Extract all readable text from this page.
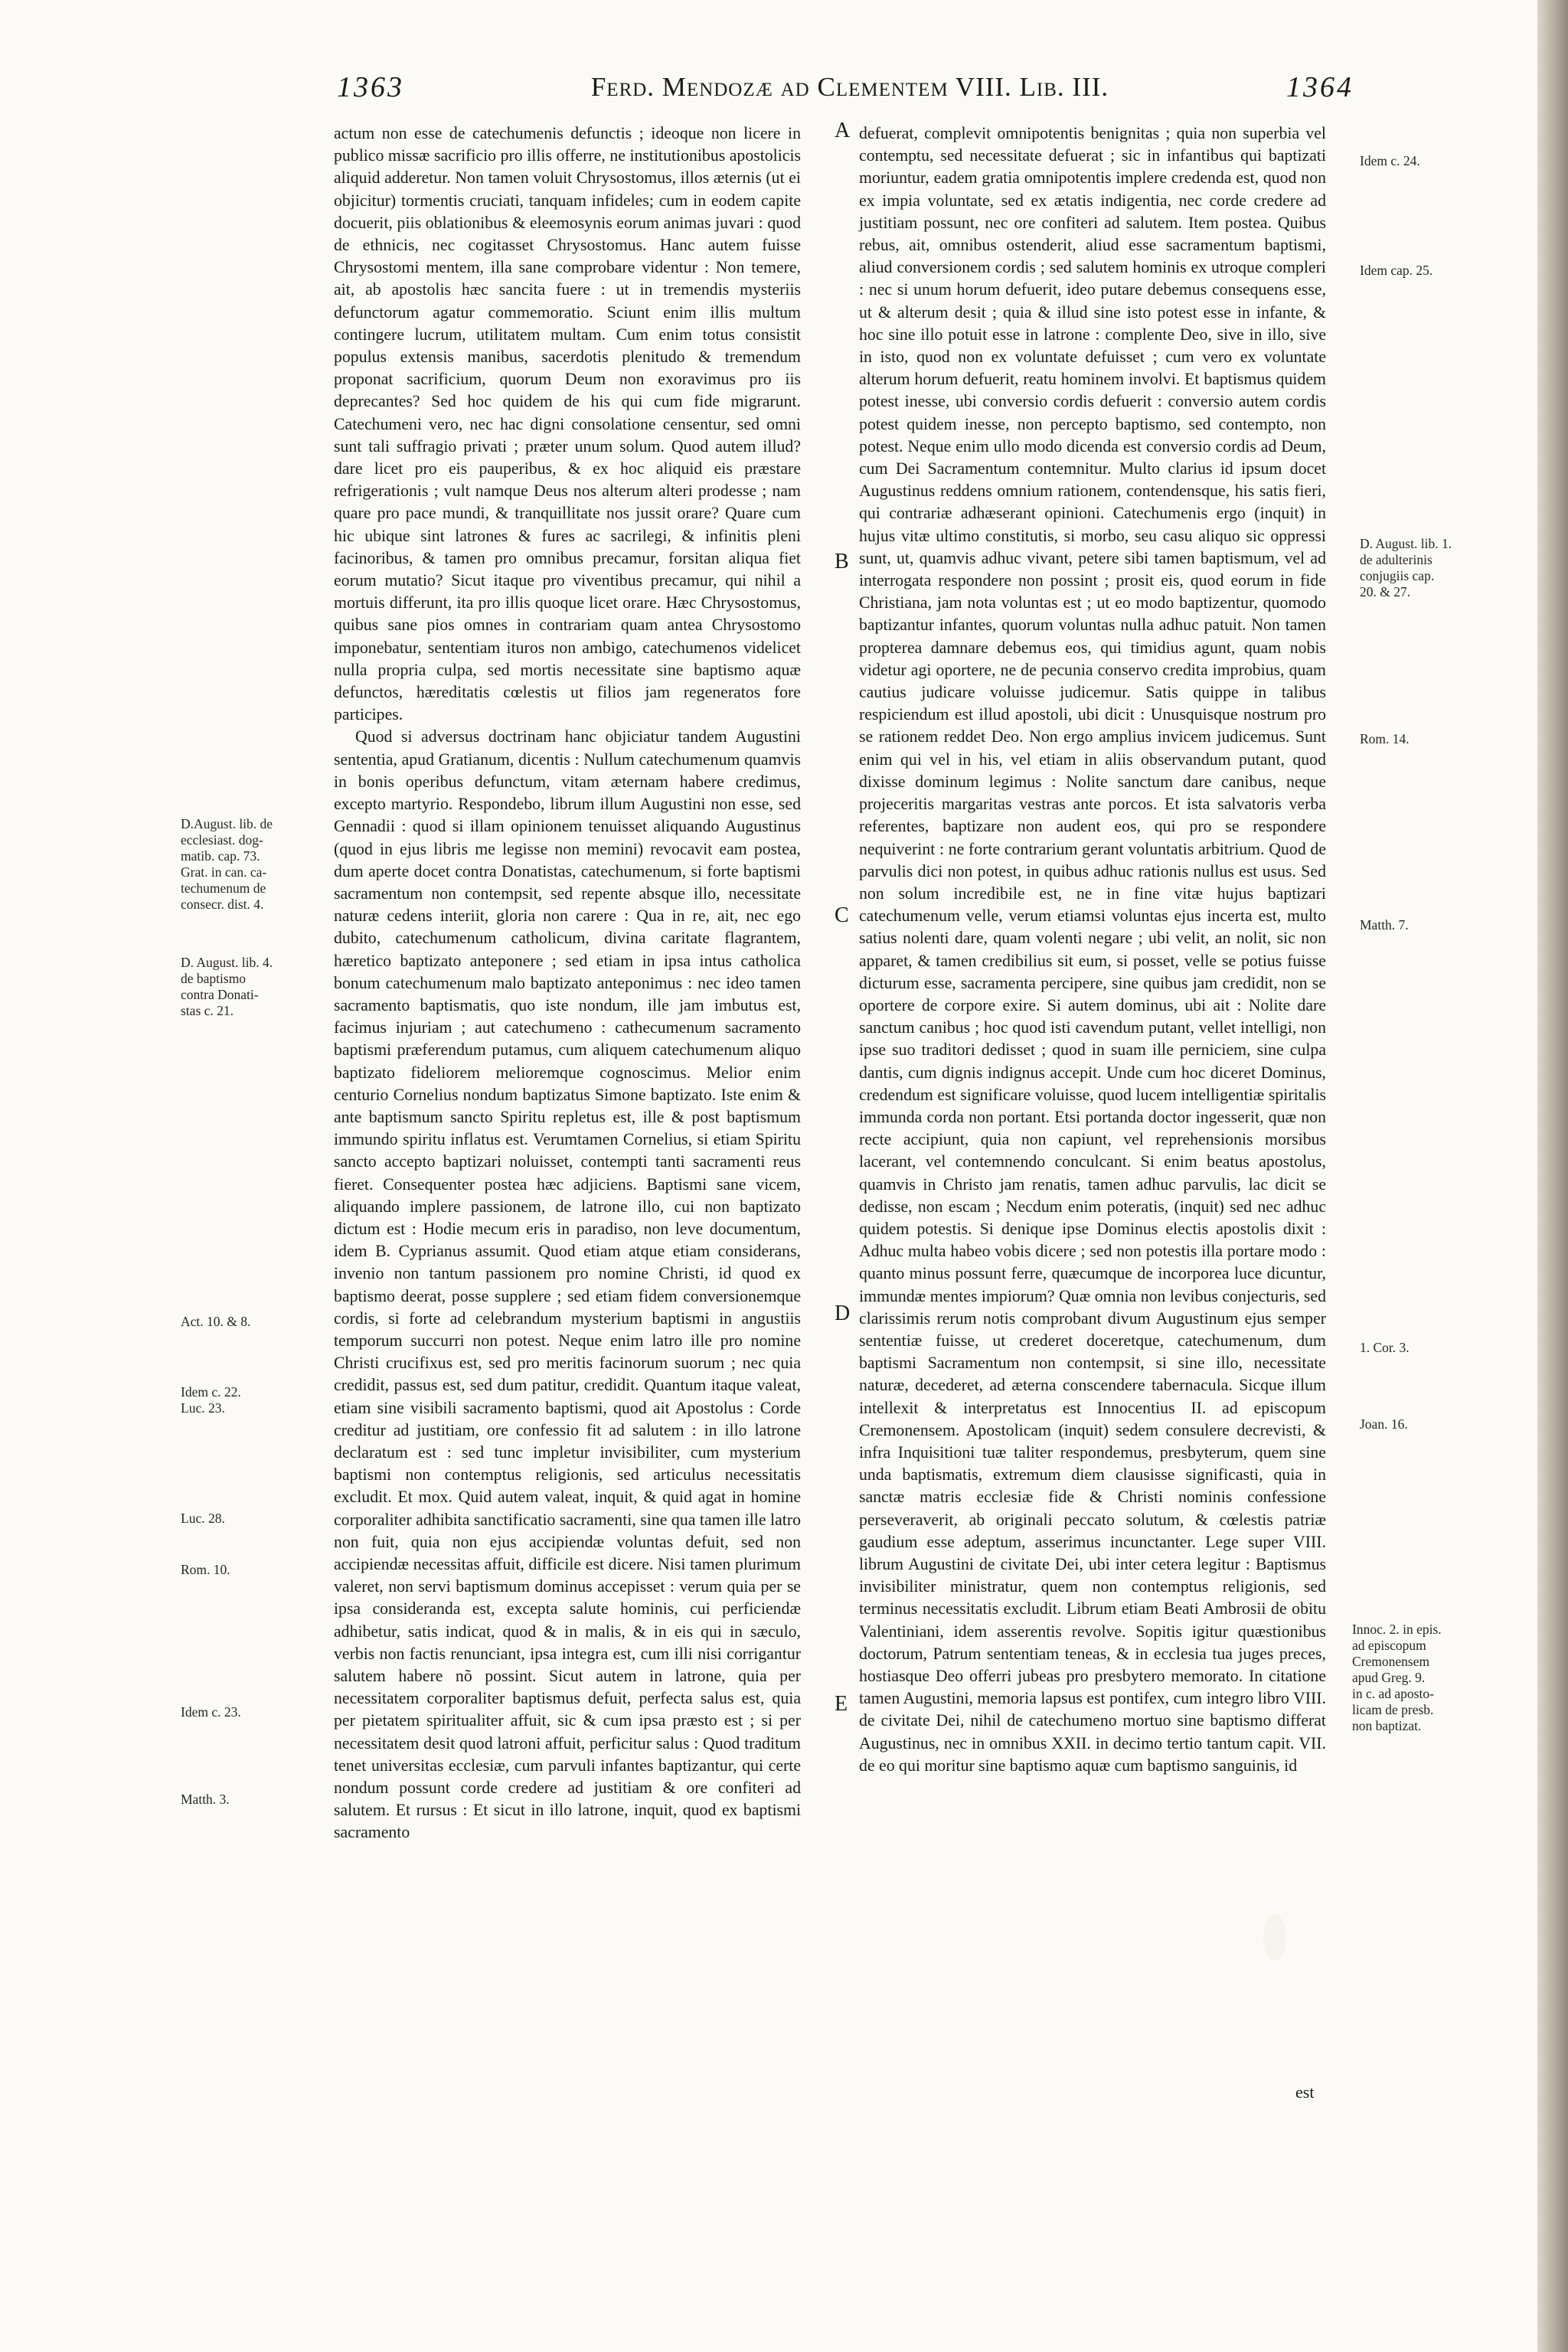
1363	Ferd. Mendozæ ad Clementem VIII. Lib. III.	1364

actum non esse de catechumenis defunctis ; ideoque non licere in publico missæ sacrificio pro illis offerre, ne institutionibus apostolicis aliquid adderetur. Non tamen voluit Chrysostomus, illos æternis (ut ei objicitur) tormentis cruciati, tanquam infideles; cum in eodem capite docuerit, piis oblationibus & eleemosynis eorum animas juvari : quod de ethnicis, nec cogitasset Chrysostomus. Hanc autem fuisse Chrysostomi mentem, illa sane comprobare videntur : Non temere, ait, ab apostolis hæc sancita fuere : ut in tremendis mysteriis defunctorum agatur commemoratio. Sciunt enim illis multum contingere lucrum, utilitatem multam. Cum enim totus consistit populus extensis manibus, sacerdotis plenitudo & tremendum proponat sacrificium, quorum Deum non exoravimus pro iis deprecantes? Sed hoc quidem de his qui cum fide migrarunt. Catechumeni vero, nec hac digni consolatione censentur, sed omni sunt tali suffragio privati ; præter unum solum. Quod autem illud? dare licet pro eis pauperibus, & ex hoc aliquid eis præstare refrigerationis ; vult namque Deus nos alterum alteri prodesse ; nam quare pro pace mundi, & tranquillitate nos jussit orare? Quare cum hic ubique sint latrones & fures ac sacrilegi, & infinitis pleni facinoribus, & tamen pro omnibus precamur, forsitan aliqua fiet eorum mutatio? Sicut itaque pro viventibus precamur, qui nihil a mortuis differunt, ita pro illis quoque licet orare. Hæc Chrysostomus, quibus sane pios omnes in contrariam quam antea Chrysostomo imponebatur, sententiam ituros non ambigo, catechumenos videlicet nulla propria culpa, sed mortis necessitate sine baptismo aquæ defunctos, hæreditatis cœlestis ut filios jam regeneratos fore participes.

Quod si adversus doctrinam hanc objiciatur tandem Augustini sententia, apud Gratianum, dicentis : Nullum catechumenum quamvis in bonis operibus defunctum, vitam æternam habere credimus, excepto martyrio. Respondebo, librum illum Augustini non esse, sed Gennadii : quod si illam opinionem tenuisset aliquando Augustinus (quod in ejus libris me legisse non memini) revocavit eam postea, dum aperte docet contra Donatistas, catechumenum, si forte baptismi sacramentum non contempsit, sed repente absque illo, necessitate naturæ cedens interiit, gloria non carere : Qua in re, ait, nec ego dubito, catechumenum catholicum, divina caritate flagrantem, hæretico baptizato anteponere ; sed etiam in ipsa intus catholica bonum catechumenum malo baptizato anteponimus : nec ideo tamen sacramento baptismatis, quo iste nondum, ille jam imbutus est, facimus injuriam ; aut catechumeno : cathecumenum sacramento baptismi præferendum putamus, cum aliquem catechumenum aliquo baptizato fideliorem melioremque cognoscimus. Melior enim centurio Cornelius nondum baptizatus Simone baptizato. Iste enim & ante baptismum sancto Spiritu repletus est, ille & post baptismum immundo spiritu inflatus est. Verumtamen Cornelius, si etiam Spiritu sancto accepto baptizari noluisset, contempti tanti sacramenti reus fieret. Consequenter postea hæc adjiciens. Baptismi sane vicem, aliquando implere passionem, de latrone illo, cui non baptizato dictum est : Hodie mecum eris in paradiso, non leve documentum, idem B. Cyprianus assumit. Quod etiam atque etiam considerans, invenio non tantum passionem pro nomine Christi, id quod ex baptismo deerat, posse supplere ; sed etiam fidem conversionemque cordis, si forte ad celebrandum mysterium baptismi in angustiis temporum succurri non potest. Neque enim latro ille pro nomine Christi crucifixus est, sed pro meritis facinorum suorum ; nec quia credidit, passus est, sed dum patitur, credidit. Quantum itaque valeat, etiam sine visibili sacramento baptismi, quod ait Apostolus : Corde creditur ad justitiam, ore confessio fit ad salutem : in illo latrone declaratum est : sed tunc impletur invisibiliter, cum mysterium baptismi non contemptus religionis, sed articulus necessitatis excludit. Et mox. Quid autem valeat, inquit, & quid agat in homine corporaliter adhibita sanctificatio sacramenti, sine qua tamen ille latro non fuit, quia non ejus accipiendæ voluntas defuit, sed non accipiendæ necessitas affuit, difficile est dicere. Nisi tamen plurimum valeret, non servi baptismum dominus accepisset : verum quia per se ipsa consideranda est, excepta salute hominis, cui perficiendæ adhibetur, satis indicat, quod & in malis, & in eis qui in sæculo, verbis non factis renunciant, ipsa integra est, cum illi nisi corrigantur salutem habere nõ possint. Sicut autem in latrone, quia per necessitatem corporaliter baptismus defuit, perfecta salus est, quia per pietatem spiritualiter affuit, sic & cum ipsa præsto est ; si per necessitatem desit quod latroni affuit, perficitur salus : Quod traditum tenet universitas ecclesiæ, cum parvuli infantes baptizantur, qui certe nondum possunt corde credere ad justitiam & ore confiteri ad salutem. Et rursus : Et sicut in illo latrone, inquit, quod ex baptismi sacramento

defuerat, complevit omnipotentis benignitas ; quia non superbia vel contemptu, sed necessitate defuerat ; sic in infantibus qui baptizati moriuntur, eadem gratia omnipotentis implere credenda est, quod non ex impia voluntate, sed ex ætatis indigentia, nec corde credere ad justitiam possunt, nec ore confiteri ad salutem. Item postea. Quibus rebus, ait, omnibus ostenderit, aliud esse sacramentum baptismi, aliud conversionem cordis ; sed salutem hominis ex utroque compleri : nec si unum horum defuerit, ideo putare debemus consequens esse, ut & alterum desit ; quia & illud sine isto potest esse in infante, & hoc sine illo potuit esse in latrone : complente Deo, sive in illo, sive in isto, quod non ex voluntate defuisset ; cum vero ex voluntate alterum horum defuerit, reatu hominem involvi. Et baptismus quidem potest inesse, ubi conversio cordis defuerit : conversio autem cordis potest quidem inesse, non percepto baptismo, sed contempto, non potest. Neque enim ullo modo dicenda est conversio cordis ad Deum, cum Dei Sacramentum contemnitur. Multo clarius id ipsum docet Augustinus reddens omnium rationem, contendensque, his satis fieri, qui contrariæ adhæserant opinioni. Catechumenis ergo (inquit) in hujus vitæ ultimo constitutis, si morbo, seu casu aliquo sic oppressi sunt, ut, quamvis adhuc vivant, petere sibi tamen baptismum, vel ad interrogata respondere non possint ; prosit eis, quod eorum in fide Christiana, jam nota voluntas est ; ut eo modo baptizentur, quomodo baptizantur infantes, quorum voluntas nulla adhuc patuit. Non tamen propterea damnare debemus eos, qui timidius agunt, quam nobis videtur agi oportere, ne de pecunia conservo credita improbius, quam cautius judicare voluisse judicemur. Satis quippe in talibus respiciendum est illud apostoli, ubi dicit : Unusquisque nostrum pro se rationem reddet Deo. Non ergo amplius invicem judicemus. Sunt enim qui vel in his, vel etiam in aliis observandum putant, quod dixisse dominum legimus : Nolite sanctum dare canibus, neque projeceritis margaritas vestras ante porcos. Et ista salvatoris verba referentes, baptizare non audent eos, qui pro se respondere nequiverint : ne forte contrarium gerant voluntatis arbitrium. Quod de parvulis dici non potest, in quibus adhuc rationis nullus est usus. Sed non solum incredibile est, ne in fine vitæ hujus baptizari catechumenum velle, verum etiamsi voluntas ejus incerta est, multo satius nolenti dare, quam volenti negare ; ubi velit, an nolit, sic non apparet, & tamen credibilius sit eum, si posset, velle se potius fuisse dicturum esse, sacramenta percipere, sine quibus jam credidit, non se oportere de corpore exire. Si autem dominus, ubi ait : Nolite dare sanctum canibus ; hoc quod isti cavendum putant, vellet intelligi, non ipse suo traditori dedisset ; quod in suam ille perniciem, sine culpa dantis, cum dignis indignus accepit. Unde cum hoc diceret Dominus, credendum est significare voluisse, quod lucem intelligentiæ spiritalis immunda corda non portant. Etsi portanda doctor ingesserit, quæ non recte accipiunt, quia non capiunt, vel reprehensionis morsibus lacerant, vel contemnendo conculcant. Si enim beatus apostolus, quamvis in Christo jam renatis, tamen adhuc parvulis, lac dicit se dedisse, non escam ; Necdum enim poteratis, (inquit) sed nec adhuc quidem potestis. Si denique ipse Dominus electis apostolis dixit : Adhuc multa habeo vobis dicere ; sed non potestis illa portare modo : quanto minus possunt ferre, quæcumque de incorporea luce dicuntur, immundæ mentes impiorum? Quæ omnia non levibus conjecturis, sed clarissimis rerum notis comprobant divum Augustinum ejus semper sententiæ fuisse, ut crederet doceretque, catechumenum, dum baptismi Sacramentum non contempsit, si sine illo, necessitate naturæ, decederet, ad æterna conscendere tabernacula. Sicque illum intellexit & interpretatus est Innocentius II. ad episcopum Cremonensem. Apostolicam (inquit) sedem consulere decrevisti, & infra Inquisitioni tuæ taliter respondemus, presbyterum, quem sine unda baptismatis, extremum diem clausisse significasti, quia in sanctæ matris ecclesiæ fide & Christi nominis confessione perseveraverit, ab originali peccato solutum, & cœlestis patriæ gaudium esse adeptum, asserimus incunctanter. Lege super VIII. librum Augustini de civitate Dei, ubi inter cetera legitur : Baptismus invisibiliter ministratur, quem non contemptus religionis, sed terminus necessitatis excludit. Librum etiam Beati Ambrosii de obitu Valentiniani, idem asserentis revolve. Sopitis igitur quæstionibus doctorum, Patrum sententiam teneas, & in ecclesia tua juges preces, hostiasque Deo offerri jubeas pro presbytero memorato. In citatione tamen Augustini, memoria lapsus est pontifex, cum integro libro VIII. de civitate Dei, nihil de catechumeno mortuo sine baptismo differat Augustinus, nec in omnibus XXII. in decimo tertio tantum capit. VII. de eo qui moritur sine baptismo aquæ cum baptismo sanguinis, id

A
B
C
D
E
D.August. lib. de
ecclesiast. dog-
matib. cap. 73.
Grat. in can. ca-
techumenum de
consecr. dist. 4.
D. August. lib. 4.
de baptismo
contra Donati-
stas c. 21.
Act. 10. & 8.
Idem c. 22.
Luc. 23.
Luc. 28.
Rom. 10.
Idem c. 23.
Matth. 3.
Idem c. 24.
Idem cap. 25.
D. August. lib. 1.
de adulterinis
conjugiis cap.
20. & 27.
Rom. 14.
Matth. 7.
1. Cor. 3.
Joan. 16.
Innoc. 2. in epis.
ad episcopum
Cremonensem
apud Greg. 9.
in c. ad aposto-
licam de presb.
non baptizat.
est
